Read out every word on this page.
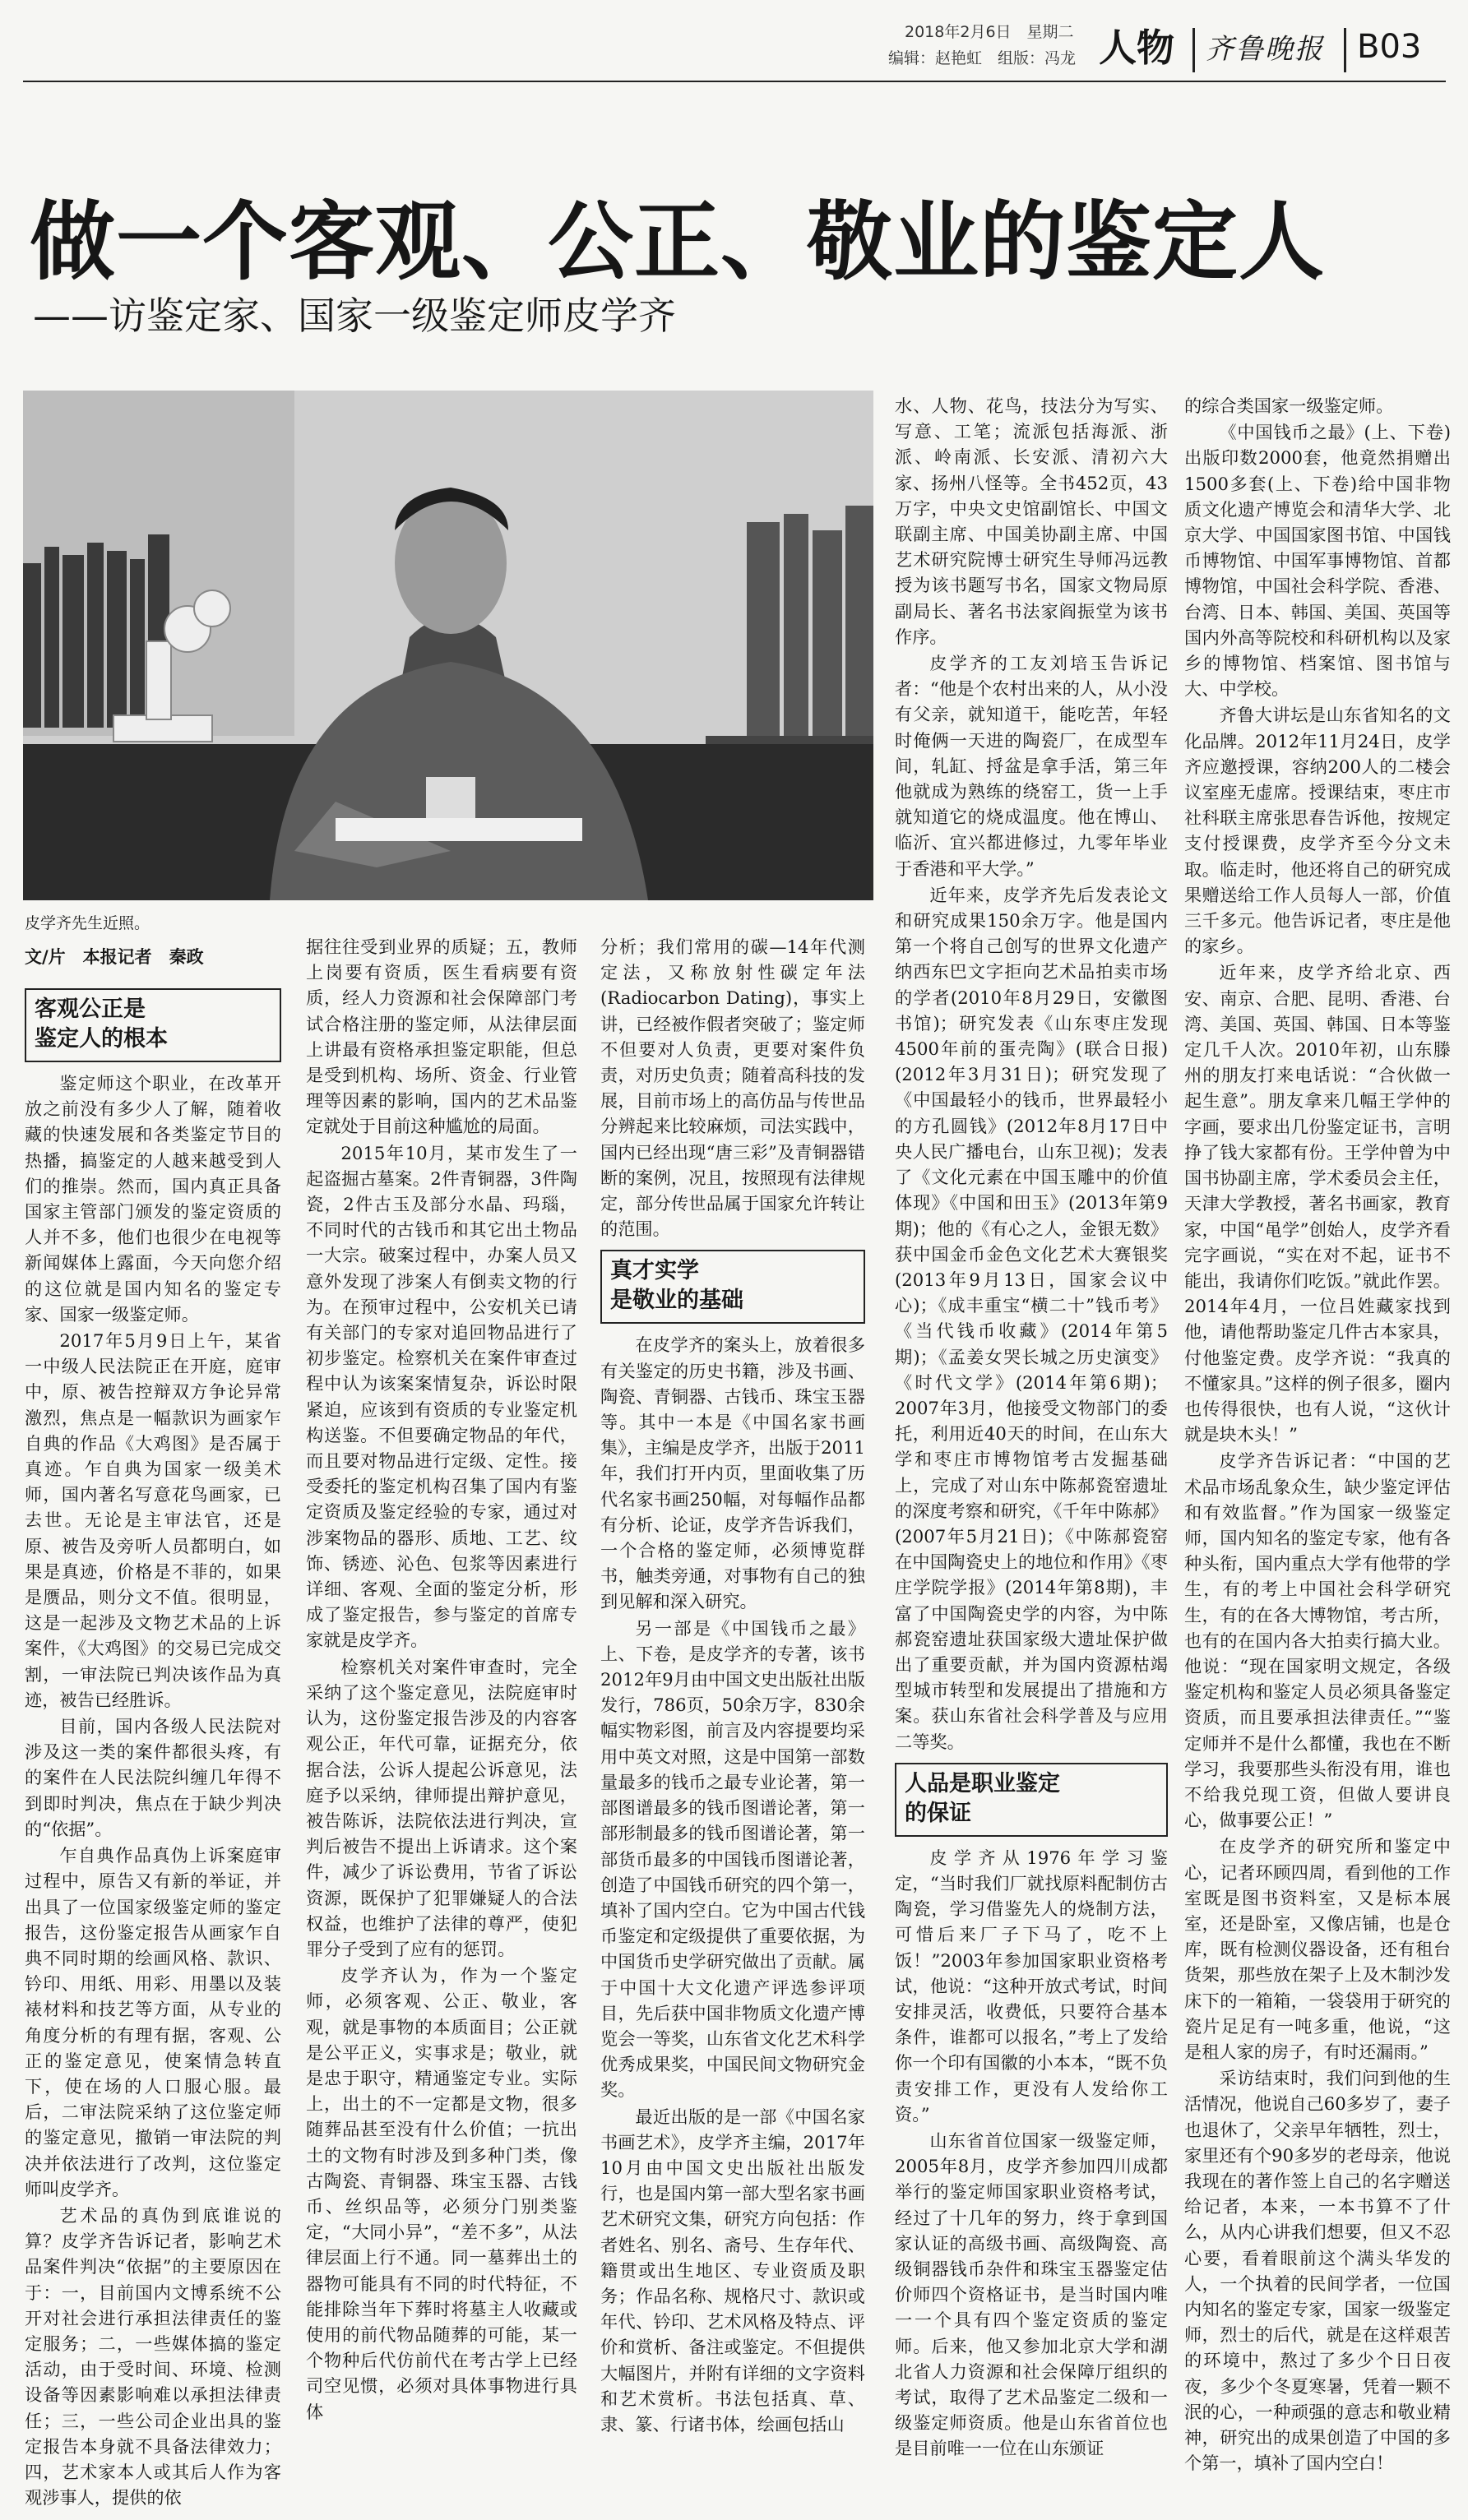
2018年2月6日　星期二
编辑：赵艳虹　组版：冯龙 人物 齐鲁晚报 B03
做一个客观、公正、敬业的鉴定人
——访鉴定家、国家一级鉴定师皮学齐
皮学齐先生近照。
文/片　本报记者　秦政
客观公正是
鉴定人的根本

鉴定师这个职业，在改革开放之前没有多少人了解，随着收藏的快速发展和各类鉴定节目的热播，搞鉴定的人越来越受到人们的推崇。然而，国内真正具备国家主管部门颁发的鉴定资质的人并不多，他们也很少在电视等新闻媒体上露面，今天向您介绍的这位就是国内知名的鉴定专家、国家一级鉴定师。

2017年5月9日上午，某省一中级人民法院正在开庭，庭审中，原、被告控辩双方争论异常激烈，焦点是一幅款识为画家乍自典的作品《大鸡图》是否属于真迹。乍自典为国家一级美术师，国内著名写意花鸟画家，已去世。无论是主审法官，还是原、被告及旁听人员都明白，如果是真迹，价格是不菲的，如果是赝品，则分文不值。很明显，这是一起涉及文物艺术品的上诉案件，《大鸡图》的交易已完成交割，一审法院已判决该作品为真迹，被告已经胜诉。

目前，国内各级人民法院对涉及这一类的案件都很头疼，有的案件在人民法院纠缠几年得不到即时判决，焦点在于缺少判决的“依据”。

乍自典作品真伪上诉案庭审过程中，原告又有新的举证，并出具了一位国家级鉴定师的鉴定报告，这份鉴定报告从画家乍自典不同时期的绘画风格、款识、钤印、用纸、用彩、用墨以及装裱材料和技艺等方面，从专业的角度分析的有理有据，客观、公正的鉴定意见，使案情急转直下，使在场的人口服心服。最后，二审法院采纳了这位鉴定师的鉴定意见，撤销一审法院的判决并依法进行了改判，这位鉴定师叫皮学齐。

艺术品的真伪到底谁说的算？皮学齐告诉记者，影响艺术品案件判决“依据”的主要原因在于：一，目前国内文博系统不公开对社会进行承担法律责任的鉴定服务；二，一些媒体搞的鉴定活动，由于受时间、环境、检测设备等因素影响难以承担法律责任；三，一些公司企业出具的鉴定报告本身就不具备法律效力；四，艺术家本人或其后人作为客观涉事人，提供的依

据往往受到业界的质疑；五，教师上岗要有资质，医生看病要有资质，经人力资源和社会保障部门考试合格注册的鉴定师，从法律层面上讲最有资格承担鉴定职能，但总是受到机构、场所、资金、行业管理等因素的影响，国内的艺术品鉴定就处于目前这种尴尬的局面。

2015年10月，某市发生了一起盗掘古墓案。2件青铜器，3件陶瓷，2件古玉及部分水晶、玛瑙，不同时代的古钱币和其它出土物品一大宗。破案过程中，办案人员又意外发现了涉案人有倒卖文物的行为。在预审过程中，公安机关已请有关部门的专家对追回物品进行了初步鉴定。检察机关在案件审查过程中认为该案案情复杂，诉讼时限紧迫，应该到有资质的专业鉴定机构送鉴。不但要确定物品的年代，而且要对物品进行定级、定性。接受委托的鉴定机构召集了国内有鉴定资质及鉴定经验的专家，通过对涉案物品的器形、质地、工艺、纹饰、锈迹、沁色、包浆等因素进行详细、客观、全面的鉴定分析，形成了鉴定报告，参与鉴定的首席专家就是皮学齐。

检察机关对案件审查时，完全采纳了这个鉴定意见，法院庭审时认为，这份鉴定报告涉及的内容客观公正，年代可靠，证据充分，依据合法，公诉人提起公诉意见，法庭予以采纳，律师提出辩护意见，被告陈诉，法院依法进行判决，宣判后被告不提出上诉请求。这个案件，减少了诉讼费用，节省了诉讼资源，既保护了犯罪嫌疑人的合法权益，也维护了法律的尊严，使犯罪分子受到了应有的惩罚。

皮学齐认为，作为一个鉴定师，必须客观、公正、敬业，客观，就是事物的本质面目；公正就是公平正义，实事求是；敬业，就是忠于职守，精通鉴定专业。实际上，出土的不一定都是文物，很多随葬品甚至没有什么价值；一抗出土的文物有时涉及到多种门类，像古陶瓷、青铜器、珠宝玉器、古钱币、丝织品等，必须分门别类鉴定，“大同小异”，“差不多”，从法律层面上行不通。同一墓葬出土的器物可能具有不同的时代特征，不能排除当年下葬时将墓主人收藏或使用的前代物品随葬的可能，某一个物种后代仿前代在考古学上已经司空见惯，必须对具体事物进行具体

分析；我们常用的碳—14年代测定法，又称放射性碳定年法(Radiocarbon Dating)，事实上讲，已经被作假者突破了；鉴定师不但要对人负责，更要对案件负责，对历史负责；随着高科技的发展，目前市场上的高仿品与传世品分辨起来比较麻烦，司法实践中，国内已经出现“唐三彩”及青铜器错断的案例，况且，按照现有法律规定，部分传世品属于国家允许转让的范围。

真才实学
是敬业的基础

在皮学齐的案头上，放着很多有关鉴定的历史书籍，涉及书画、陶瓷、青铜器、古钱币、珠宝玉器等。其中一本是《中国名家书画集》，主编是皮学齐，出版于2011年，我们打开内页，里面收集了历代名家书画250幅，对每幅作品都有分析、论证，皮学齐告诉我们，一个合格的鉴定师，必须博览群书，触类旁通，对事物有自己的独到见解和深入研究。

另一部是《中国钱币之最》上、下卷，是皮学齐的专著，该书2012年9月由中国文史出版社出版发行，786页，50余万字，830余幅实物彩图，前言及内容提要均采用中英文对照，这是中国第一部数量最多的钱币之最专业论著，第一部图谱最多的钱币图谱论著，第一部形制最多的钱币图谱论著，第一部货币最多的中国钱币图谱论著，创造了中国钱币研究的四个第一，填补了国内空白。它为中国古代钱币鉴定和定级提供了重要依据，为中国货币史学研究做出了贡献。属于中国十大文化遗产评选参评项目，先后获中国非物质文化遗产博览会一等奖，山东省文化艺术科学优秀成果奖，中国民间文物研究金奖。

最近出版的是一部《中国名家书画艺术》，皮学齐主编，2017年10月由中国文史出版社出版发行，也是国内第一部大型名家书画艺术研究文集，研究方向包括：作者姓名、别名、斋号、生存年代、籍贯或出生地区、专业资质及职务；作品名称、规格尺寸、款识或年代、钤印、艺术风格及特点、评价和赏析、备注或鉴定。不但提供大幅图片，并附有详细的文字资料和艺术赏析。书法包括真、草、隶、篆、行诸书体，绘画包括山

水、人物、花鸟，技法分为写实、写意、工笔；流派包括海派、浙派、岭南派、长安派、清初六大家、扬州八怪等。全书452页，43万字，中央文史馆副馆长、中国文联副主席、中国美协副主席、中国艺术研究院博士研究生导师冯远教授为该书题写书名，国家文物局原副局长、著名书法家阎振堂为该书作序。

皮学齐的工友刘培玉告诉记者：“他是个农村出来的人，从小没有父亲，就知道干，能吃苦，年轻时俺俩一天进的陶瓷厂，在成型车间，轧缸、捋盆是拿手活，第三年他就成为熟练的绕窑工，货一上手就知道它的烧成温度。他在博山、临沂、宜兴都进修过，九零年毕业于香港和平大学。”

近年来，皮学齐先后发表论文和研究成果150余万字。他是国内第一个将自己创写的世界文化遗产纳西东巴文字拒向艺术品拍卖市场的学者(2010年8月29日，安徽图书馆)；研究发表《山东枣庄发现4500年前的蛋壳陶》(联合日报)(2012年3月31日)；研究发现了《中国最轻小的钱币，世界最轻小的方孔圆钱》(2012年8月17日中央人民广播电台，山东卫视)；发表了《文化元素在中国玉雕中的价值体现》《中国和田玉》(2013年第9期)；他的《有心之人，金银无数》获中国金币金色文化艺术大赛银奖(2013年9月13日，国家会议中心)；《成丰重宝“横二十”钱币考》《当代钱币收藏》(2014年第5期)；《孟姜女哭长城之历史演变》《时代文学》(2014年第6期)；2007年3月，他接受文物部门的委托，利用近40天的时间，在山东大学和枣庄市博物馆考古发掘基础上，完成了对山东中陈郝瓷窑遗址的深度考察和研究，《千年中陈郝》(2007年5月21日)；《中陈郝瓷窑在中国陶瓷史上的地位和作用》《枣庄学院学报》(2014年第8期)，丰富了中国陶瓷史学的内容，为中陈郝瓷窑遗址获国家级大遗址保护做出了重要贡献，并为国内资源枯竭型城市转型和发展提出了措施和方案。获山东省社会科学普及与应用二等奖。

人品是职业鉴定
的保证

皮学齐从1976年学习鉴定，“当时我们厂就找原料配制仿古陶瓷，学习借鉴先人的烧制方法，可惜后来厂子下马了，吃不上饭！”2003年参加国家职业资格考试，他说：“这种开放式考试，时间安排灵活，收费低，只要符合基本条件，谁都可以报名，”考上了发给你一个印有国徽的小本本，“既不负责安排工作，更没有人发给你工资。”

山东省首位国家一级鉴定师，2005年8月，皮学齐参加四川成都举行的鉴定师国家职业资格考试，经过了十几年的努力，终于拿到国家认证的高级书画、高级陶瓷、高级铜器钱币杂件和珠宝玉器鉴定估价师四个资格证书，是当时国内唯一一个具有四个鉴定资质的鉴定师。后来，他又参加北京大学和湖北省人力资源和社会保障厅组织的考试，取得了艺术品鉴定二级和一级鉴定师资质。他是山东省首位也是目前唯一一位在山东颁证

的综合类国家一级鉴定师。

《中国钱币之最》(上、下卷)出版印数2000套，他竟然捐赠出1500多套(上、下卷)给中国非物质文化遗产博览会和清华大学、北京大学、中国国家图书馆、中国钱币博物馆、中国军事博物馆、首都博物馆，中国社会科学院、香港、台湾、日本、韩国、美国、英国等国内外高等院校和科研机构以及家乡的博物馆、档案馆、图书馆与大、中学校。

齐鲁大讲坛是山东省知名的文化品牌。2012年11月24日，皮学齐应邀授课，容纳200人的二楼会议室座无虚席。授课结束，枣庄市社科联主席张思春告诉他，按规定支付授课费，皮学齐至今分文未取。临走时，他还将自己的研究成果赠送给工作人员每人一部，价值三千多元。他告诉记者，枣庄是他的家乡。

近年来，皮学齐给北京、西安、南京、合肥、昆明、香港、台湾、美国、英国、韩国、日本等鉴定几千人次。2010年初，山东滕州的朋友打来电话说：“合伙做一起生意”。朋友拿来几幅王学仲的字画，要求出几份鉴定证书，言明挣了钱大家都有份。王学仲曾为中国书协副主席，学术委员会主任，天津大学教授，著名书画家，教育家，中国“黾学”创始人，皮学齐看完字画说，“实在对不起，证书不能出，我请你们吃饭。”就此作罢。2014年4月，一位吕姓藏家找到他，请他帮助鉴定几件古本家具，付他鉴定费。皮学齐说：“我真的不懂家具。”这样的例子很多，圈内也传得很快，也有人说，“这伙计就是块木头！”

皮学齐告诉记者：“中国的艺术品市场乱象众生，缺少鉴定评估和有效监督。”作为国家一级鉴定师，国内知名的鉴定专家，他有各种头衔，国内重点大学有他带的学生，有的考上中国社会科学研究生，有的在各大博物馆，考古所，也有的在国内各大拍卖行搞大业。他说：“现在国家明文规定，各级鉴定机构和鉴定人员必须具备鉴定资质，而且要承担法律责任。”“鉴定师并不是什么都懂，我也在不断学习，我要那些头衔没有用，谁也不给我兑现工资，但做人要讲良心，做事要公正！”

在皮学齐的研究所和鉴定中心，记者环顾四周，看到他的工作室既是图书资料室，又是标本展室，还是卧室，又像店铺，也是仓库，既有检测仪器设备，还有租台货架，那些放在架子上及木制沙发床下的一箱箱，一袋袋用于研究的瓷片足足有一吨多重，他说，“这是租人家的房子，有时还漏雨。”

采访结束时，我们问到他的生活情况，他说自己60多岁了，妻子也退休了，父亲早年牺牲，烈士，家里还有个90多岁的老母亲，他说我现在的著作签上自己的名字赠送给记者，本来，一本书算不了什么，从内心讲我们想要，但又不忍心要，看着眼前这个满头华发的人，一个执着的民间学者，一位国内知名的鉴定专家，国家一级鉴定师，烈士的后代，就是在这样艰苦的环境中，熬过了多少个日日夜夜，多少个冬夏寒暑，凭着一颗不泯的心，一种顽强的意志和敬业精神，研究出的成果创造了中国的多个第一，填补了国内空白！
